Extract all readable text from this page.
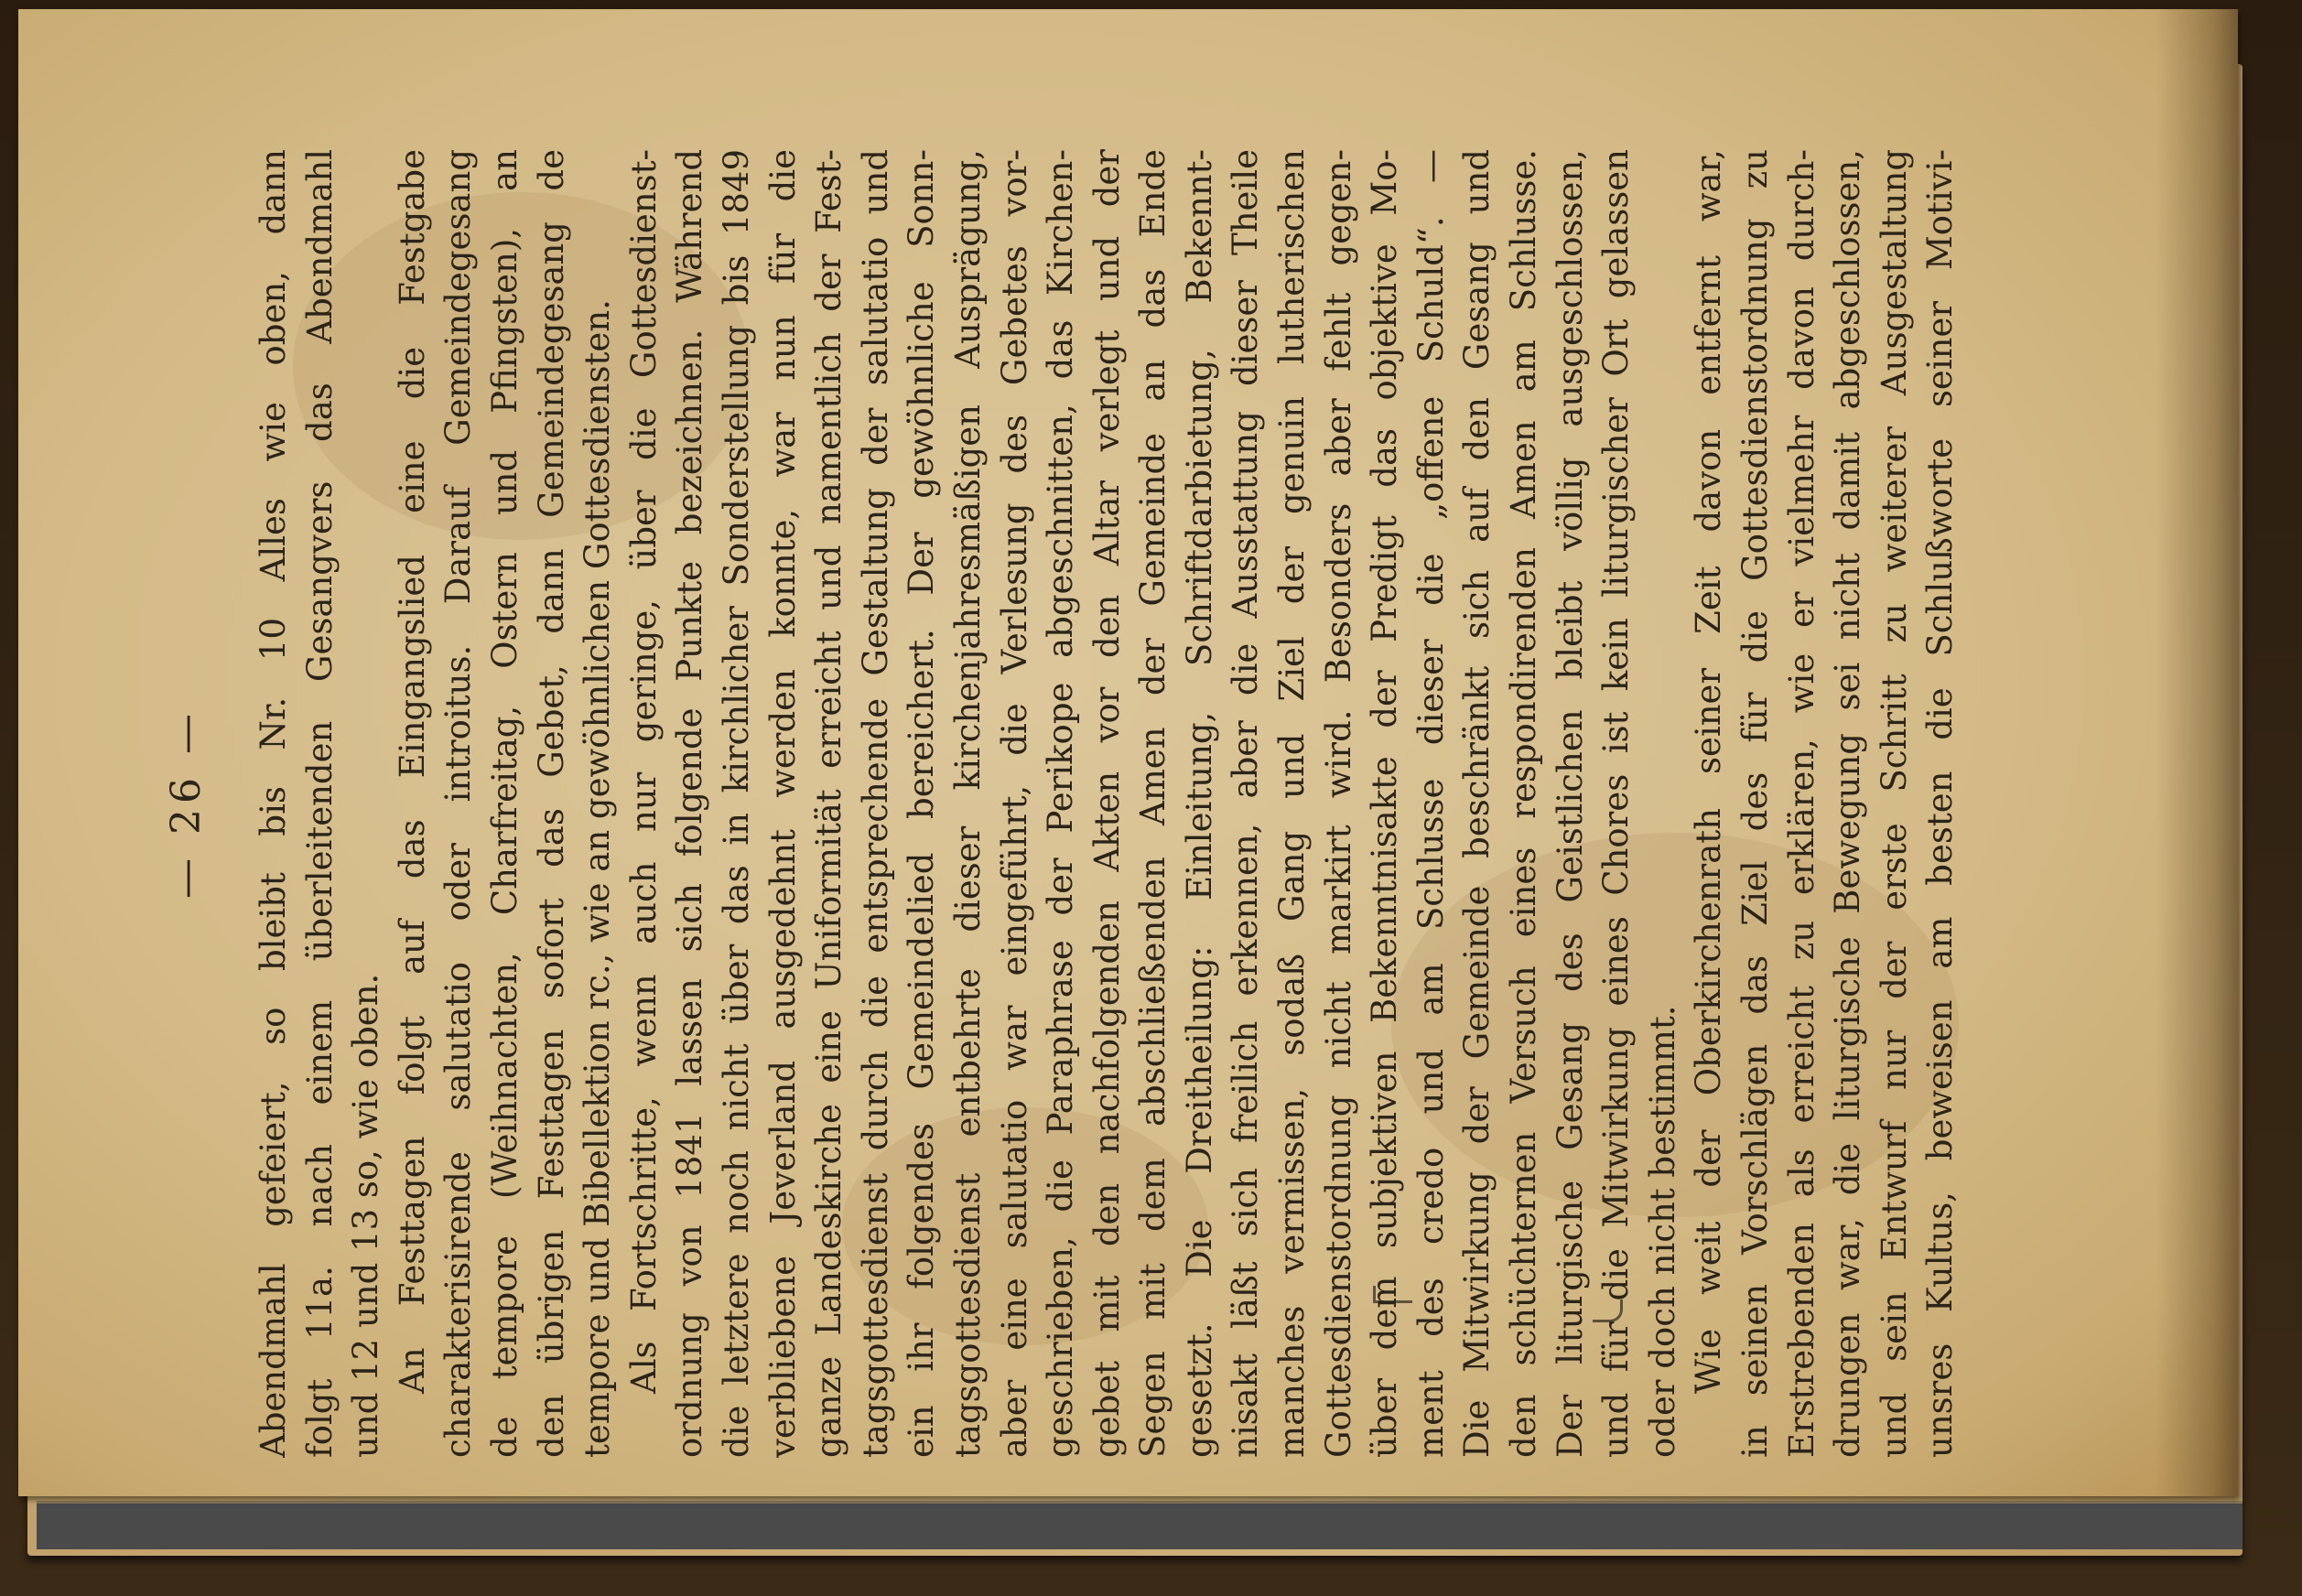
— 26 — Abendmahl gefeiert, so bleibt bis Nr. 10 Alles wie oben, dann folgt 11a. nach einem überleitenden Gesangvers das Abendmahl und 12 und 13 so, wie oben. An Festtagen folgt auf das Eingangslied eine die Festgabe charakterisirende salutatio oder introitus. Darauf Gemeindegesang de tempore (Weihnachten, Charfreitag, Ostern und Pfingsten), an den übrigen Festtagen sofort das Gebet, dann Gemeindegesang de tempore und Bibellektion rc., wie an gewöhnlichen Gottesdiensten. Als Fortschritte, wenn auch nur geringe, über die Gottesdienst- ordnung von 1841 lassen sich folgende Punkte bezeichnen. Während die letztere noch nicht über das in kirchlicher Sonderstellung bis 1849 verbliebene Jeverland ausgedehnt werden konnte, war nun für die ganze Landeskirche eine Uniformität erreicht und namentlich der Fest- tagsgottesdienst durch die entsprechende Gestaltung der salutatio und ein ihr folgendes Gemeindelied bereichert. Der gewöhnliche Sonn- tagsgottesdienst entbehrte dieser kirchenjahresmäßigen Ausprägung, aber eine salutatio war eingeführt, die Verlesung des Gebetes vor- geschrieben, die Paraphrase der Perikope abgeschnitten, das Kirchen- gebet mit den nachfolgenden Akten vor den Altar verlegt und der Segen mit dem abschließenden Amen der Gemeinde an das Ende gesetzt. Die Dreitheilung: Einleitung, Schriftdarbietung, Bekennt- nisakt läßt sich freilich erkennen, aber die Ausstattung dieser Theile manches vermissen, sodaß Gang und Ziel der genuin lutherischen Gottesdienstordnung nicht markirt wird. Besonders aber fehlt gegen- über dem subjektiven Bekenntnisakte der Predigt das objektive Mo- ment des credo und am Schlusse dieser die „offene Schuld“. — Die Mitwirkung der Gemeinde beschränkt sich auf den Gesang und den schüchternen Versuch eines respondirenden Amen am Schlusse. Der liturgische Gesang des Geistlichen bleibt völlig ausgeschlossen, und für die Mitwirkung eines Chores ist kein liturgischer Ort gelassen oder doch nicht bestimmt. Wie weit der Oberkirchenrath seiner Zeit davon entfernt war, in seinen Vorschlägen das Ziel des für die Gottesdienstordnung zu Erstrebenden als erreicht zu erklären, wie er vielmehr davon durch- drungen war, die liturgische Bewegung sei nicht damit abgeschlossen, und sein Entwurf nur der erste Schritt zu weiterer Ausgestaltung unsres Kultus, beweisen am besten die Schlußworte seiner Motivi-
